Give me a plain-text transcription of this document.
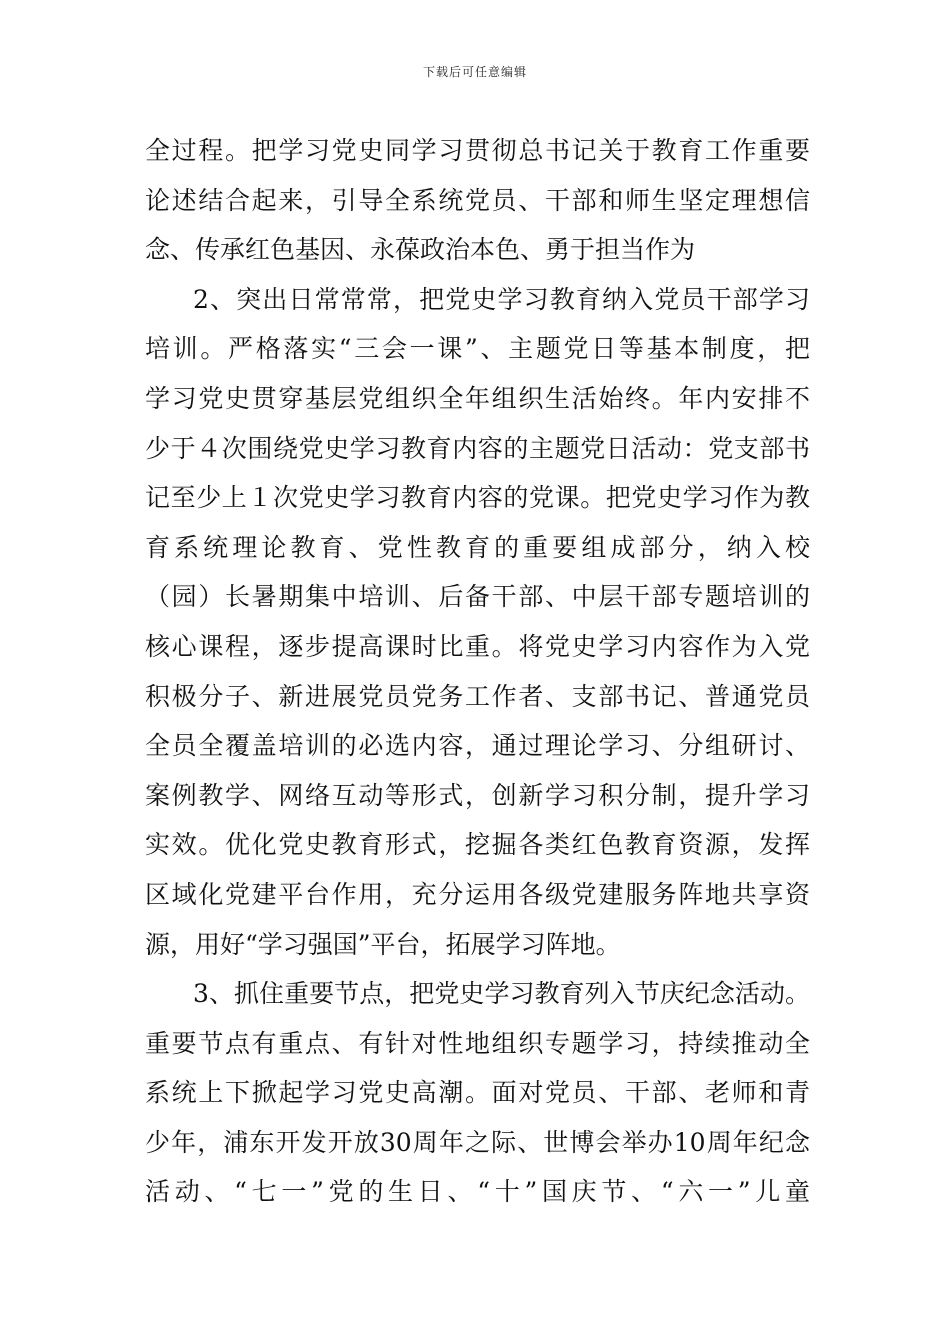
下载后可任意编辑
全过程。把学习党史同学习贯彻总书记关于教育工作重要
论述结合起来，引导全系统党员、干部和师生坚定理想信
念、传承红色基因、永葆政治本色、勇于担当作为
2、突出日常常常，把党史学习教育纳入党员干部学习
培训。严格落实“三会一课”、主题党日等基本制度，把
学习党史贯穿基层党组织全年组织生活始终。年内安排不
少于４次围绕党史学习教育内容的主题党日活动：党支部书
记至少上１次党史学习教育内容的党课。把党史学习作为教
育系统理论教育、党性教育的重要组成部分，纳入校
（园）长暑期集中培训、后备干部、中层干部专题培训的
核心课程，逐步提高课时比重。将党史学习内容作为入党
积极分子、新进展党员党务工作者、支部书记、普通党员
全员全覆盖培训的必选内容，通过理论学习、分组研讨、
案例教学、网络互动等形式，创新学习积分制，提升学习
实效。优化党史教育形式，挖掘各类红色教育资源，发挥
区域化党建平台作用，充分运用各级党建服务阵地共享资
源，用好“学习强国”平台，拓展学习阵地。
3、抓住重要节点，把党史学习教育列入节庆纪念活动。
重要节点有重点、有针对性地组织专题学习，持续推动全
系统上下掀起学习党史高潮。面对党员、干部、老师和青
少年，浦东开发开放30周年之际、世博会举办10周年纪念
活动、“七一”党的生日、“十”国庆节、“六一”儿童
